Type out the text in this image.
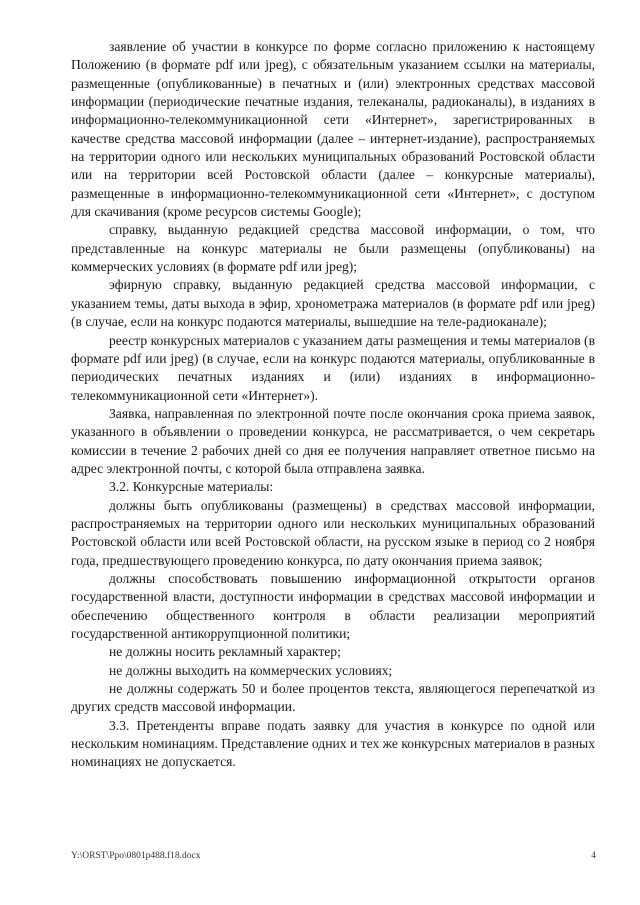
заявление об участии в конкурсе по форме согласно приложению к настоящему Положению (в формате pdf или jpeg), с обязательным указанием ссылки на материалы, размещенные (опубликованные) в печатных и (или) электронных средствах массовой информации (периодические печатные издания, телеканалы, радиоканалы), в изданиях в информационно-телекоммуникационной сети «Интернет», зарегистрированных в качестве средства массовой информации (далее – интернет-издание), распространяемых на территории одного или нескольких муниципальных образований Ростовской области или на территории всей Ростовской области (далее – конкурсные материалы), размещенные в информационно-телекоммуникационной сети «Интернет», с доступом для скачивания (кроме ресурсов системы Google);

справку, выданную редакцией средства массовой информации, о том, что представленные на конкурс материалы не были размещены (опубликованы) на коммерческих условиях (в формате pdf или jpeg);

эфирную справку, выданную редакцией средства массовой информации, с указанием темы, даты выхода в эфир, хронометража материалов (в формате pdf или jpeg) (в случае, если на конкурс подаются материалы, вышедшие на теле-радиоканале);

реестр конкурсных материалов с указанием даты размещения и темы материалов (в формате pdf или jpeg) (в случае, если на конкурс подаются материалы, опубликованные в периодических печатных изданиях и (или) изданиях в информационно-телекоммуникационной сети «Интернет»).

Заявка, направленная по электронной почте после окончания срока приема заявок, указанного в объявлении о проведении конкурса, не рассматривается, о чем секретарь комиссии в течение 2 рабочих дней со дня ее получения направляет ответное письмо на адрес электронной почты, с которой была отправлена заявка.

3.2. Конкурсные материалы:

должны быть опубликованы (размещены) в средствах массовой информации, распространяемых на территории одного или нескольких муниципальных образований Ростовской области или всей Ростовской области, на русском языке в период со 2 ноября года, предшествующего проведению конкурса, по дату окончания приема заявок;

должны способствовать повышению информационной открытости органов государственной власти, доступности информации в средствах массовой информации и обеспечению общественного контроля в области реализации мероприятий государственной антикоррупционной политики;

не должны носить рекламный характер;

не должны выходить на коммерческих условиях;

не должны содержать 50 и более процентов текста, являющегося перепечаткой из других средств массовой информации.

3.3. Претенденты вправе подать заявку для участия в конкурсе по одной или нескольким номинациям. Представление одних и тех же конкурсных материалов в разных номинациях не допускается.

Y:\ORST\Ppo\0801p488.f18.docx	4
